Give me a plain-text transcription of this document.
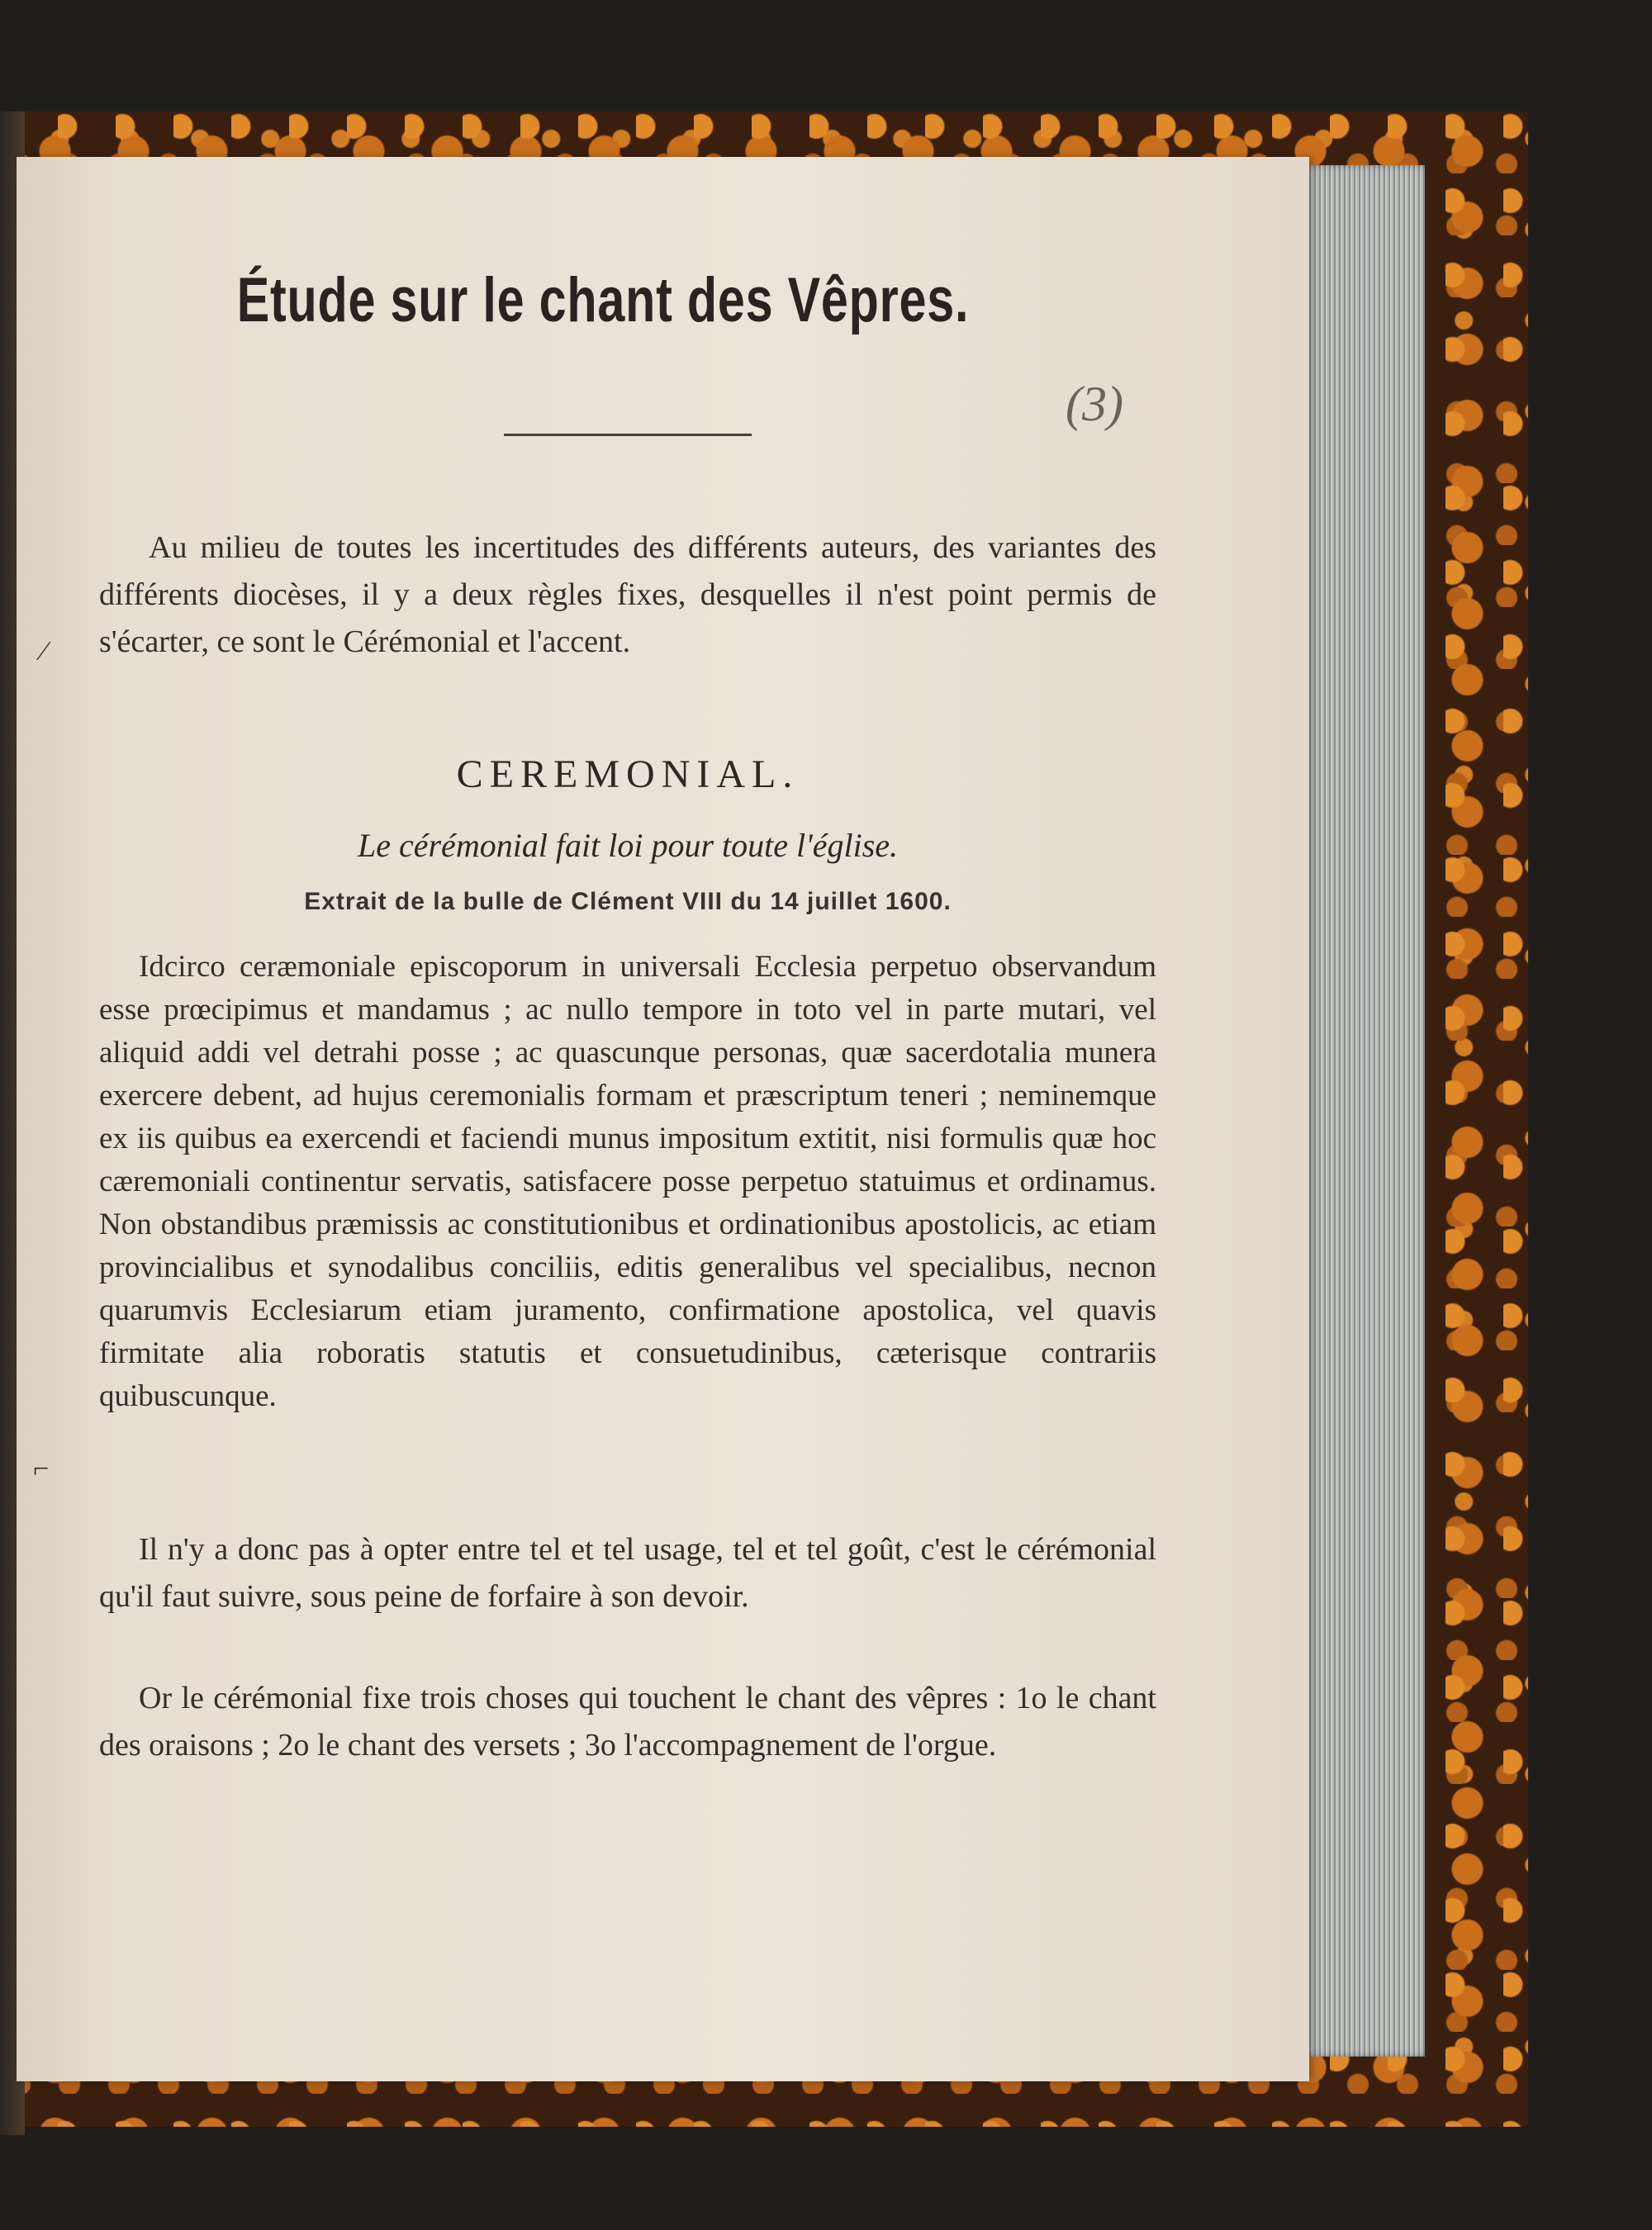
(3)
Étude sur le chant des Vêpres.
Au milieu de toutes les incertitudes des différents auteurs, des variantes des différents diocèses, il y a deux règles fixes, desquelles il n'est point permis de s'écarter, ce sont le Cérémonial et l'accent.
CEREMONIAL.
Le cérémonial fait loi pour toute l'église.
Extrait de la bulle de Clément VIII du 14 juillet 1600.
Idcirco ceræmoniale episcoporum in universali Ecclesia perpetuo observandum esse prœcipimus et mandamus ; ac nullo tempore in toto vel in parte mutari, vel aliquid addi vel detrahi posse ; ac quascunque personas, quæ sacerdotalia munera exercere debent, ad hujus ceremonialis formam et præscriptum teneri ; neminemque ex iis quibus ea exercendi et faciendi munus impositum extitit, nisi formulis quæ hoc cæremoniali continentur servatis, satisfacere posse perpetuo statuimus et ordinamus. Non obstandibus præmissis ac constitutionibus et ordinationibus apostolicis, ac etiam provincialibus et synodalibus conciliis, editis generalibus vel specialibus, necnon quarumvis Ecclesiarum etiam juramento, confirmatione apostolica, vel quavis firmitate alia roboratis statutis et consuetudinibus, cæterisque contrariis quibuscunque.
Il n'y a donc pas à opter entre tel et tel usage, tel et tel goût, c'est le cérémonial qu'il faut suivre, sous peine de forfaire à son devoir.
Or le cérémonial fixe trois choses qui touchent le chant des vêpres : 1o le chant des oraisons ; 2o le chant des versets ; 3o l'accompagnement de l'orgue.
⁄
⌐
